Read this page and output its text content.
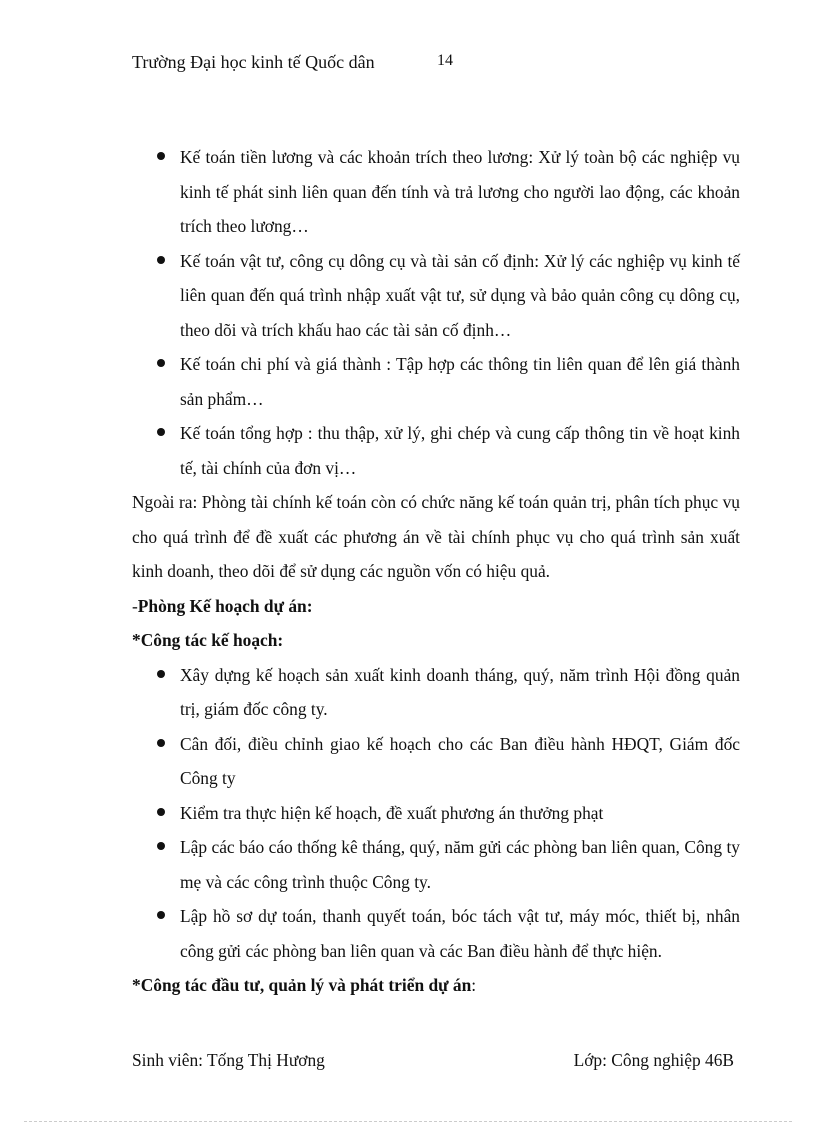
Trường Đại học kinh tế Quốc dân	14
Kế toán tiền lương và các khoản trích theo lương: Xử lý toàn bộ các nghiệp vụ kinh tế phát sinh liên quan đến tính và trả lương cho người lao động, các khoản trích theo lương…
Kế toán vật tư, công cụ dông cụ và tài sản cố định: Xử lý các nghiệp vụ kinh tế liên quan đến quá trình nhập xuất vật tư, sử dụng và bảo quản công cụ dông cụ, theo dõi và trích khấu hao các tài sản cố định…
Kế toán chi phí và giá thành : Tập hợp các thông tin liên quan để lên giá thành sản phẩm…
Kế toán tổng hợp : thu thập, xử lý, ghi chép và cung cấp thông tin về hoạt kinh tế, tài chính của đơn vị…

Ngoài ra: Phòng tài chính kế toán còn có chức năng kế toán quản trị, phân tích phục vụ cho quá trình để đề xuất các phương án về tài chính phục vụ cho quá trình sản xuất kinh doanh, theo dõi để sử dụng các nguồn vốn có hiệu quả.

-Phòng Kế hoạch dự án:

*Công tác kế hoạch:

Xây dựng kế hoạch sản xuất kinh doanh tháng, quý, năm trình Hội đồng quản trị, giám đốc công ty.
Cân đối, điều chỉnh giao kế hoạch cho các Ban điều hành HĐQT, Giám đốc Công ty
Kiểm tra thực hiện kế hoạch, đề xuất phương án thưởng phạt
Lập các báo cáo thống kê tháng, quý, năm gửi các phòng ban liên quan, Công ty mẹ và các công trình thuộc Công ty.
Lập hồ sơ dự toán, thanh quyết toán, bóc tách vật tư, máy móc, thiết bị, nhân công gửi các phòng ban liên quan và các Ban điều hành để thực hiện.

*Công tác đầu tư, quản lý và phát triển dự án:

Sinh viên: Tống Thị Hương	Lớp: Công nghiệp 46B
